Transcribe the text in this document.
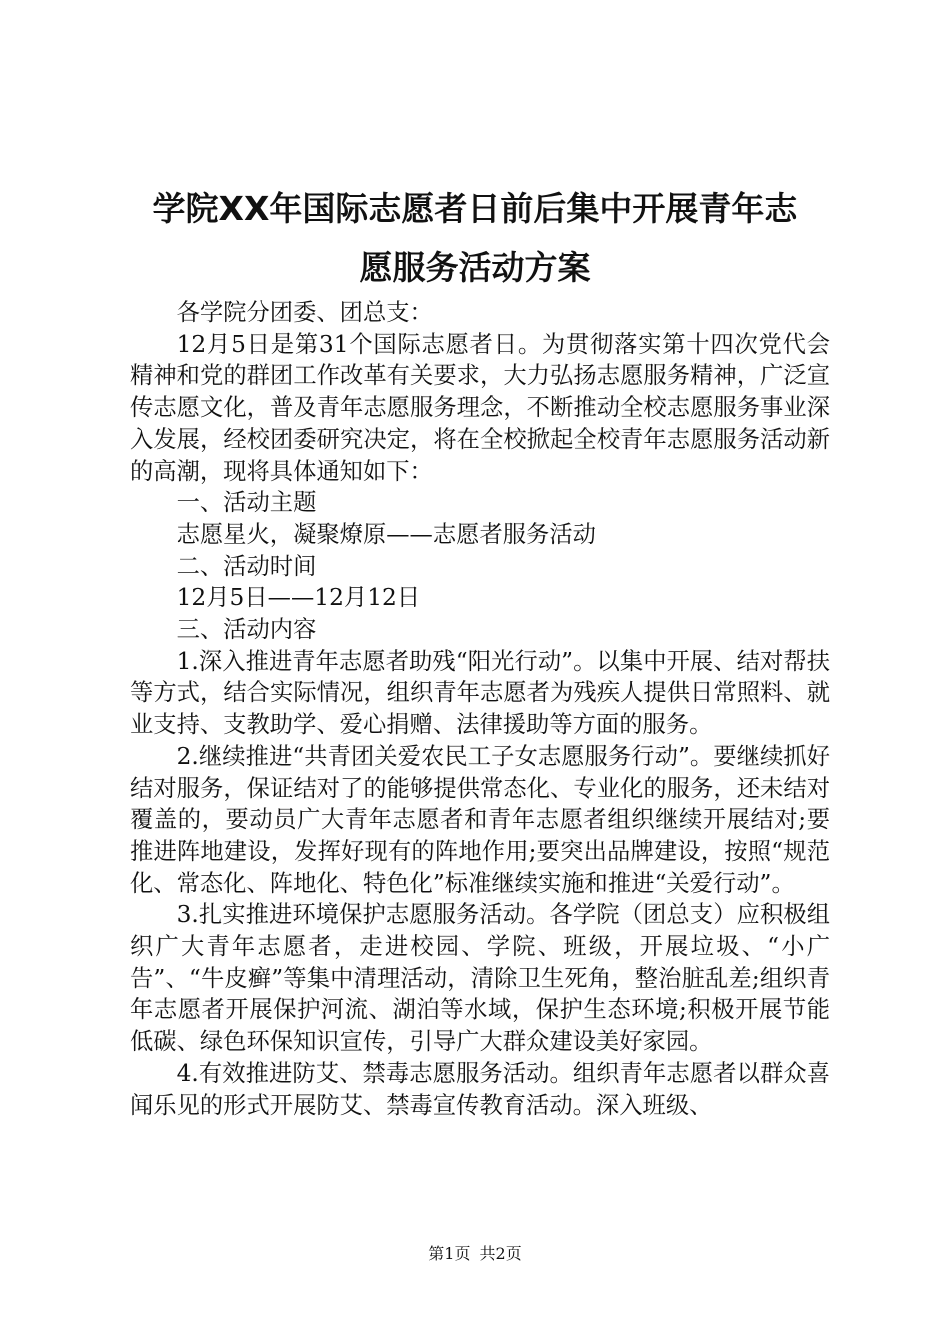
学院XX年国际志愿者日前后集中开展青年志
愿服务活动方案

各学院分团委、团总支：

12月5日是第31个国际志愿者日。为贯彻落实第十四次党代会精神和党的群团工作改革有关要求，大力弘扬志愿服务精神，广泛宣传志愿文化，普及青年志愿服务理念，不断推动全校志愿服务事业深入发展，经校团委研究决定，将在全校掀起全校青年志愿服务活动新的高潮，现将具体通知如下：

一、活动主题

志愿星火，凝聚燎原——志愿者服务活动

二、活动时间

12月5日——12月12日

三、活动内容

1.深入推进青年志愿者助残“阳光行动”。以集中开展、结对帮扶等方式，结合实际情况，组织青年志愿者为残疾人提供日常照料、就业支持、支教助学、爱心捐赠、法律援助等方面的服务。

2.继续推进“共青团关爱农民工子女志愿服务行动”。要继续抓好结对服务，保证结对了的能够提供常态化、专业化的服务，还未结对覆盖的，要动员广大青年志愿者和青年志愿者组织继续开展结对;要推进阵地建设，发挥好现有的阵地作用;要突出品牌建设，按照“规范化、常态化、阵地化、特色化”标准继续实施和推进“关爱行动”。

3.扎实推进环境保护志愿服务活动。各学院（团总支）应积极组织广大青年志愿者，走进校园、学院、班级，开展垃圾、“小广告”、“牛皮癣”等集中清理活动，清除卫生死角，整治脏乱差;组织青年志愿者开展保护河流、湖泊等水域，保护生态环境;积极开展节能低碳、绿色环保知识宣传，引导广大群众建设美好家园。

4.有效推进防艾、禁毒志愿服务活动。组织青年志愿者以群众喜闻乐见的形式开展防艾、禁毒宣传教育活动。深入班级、

第1页 共2页
